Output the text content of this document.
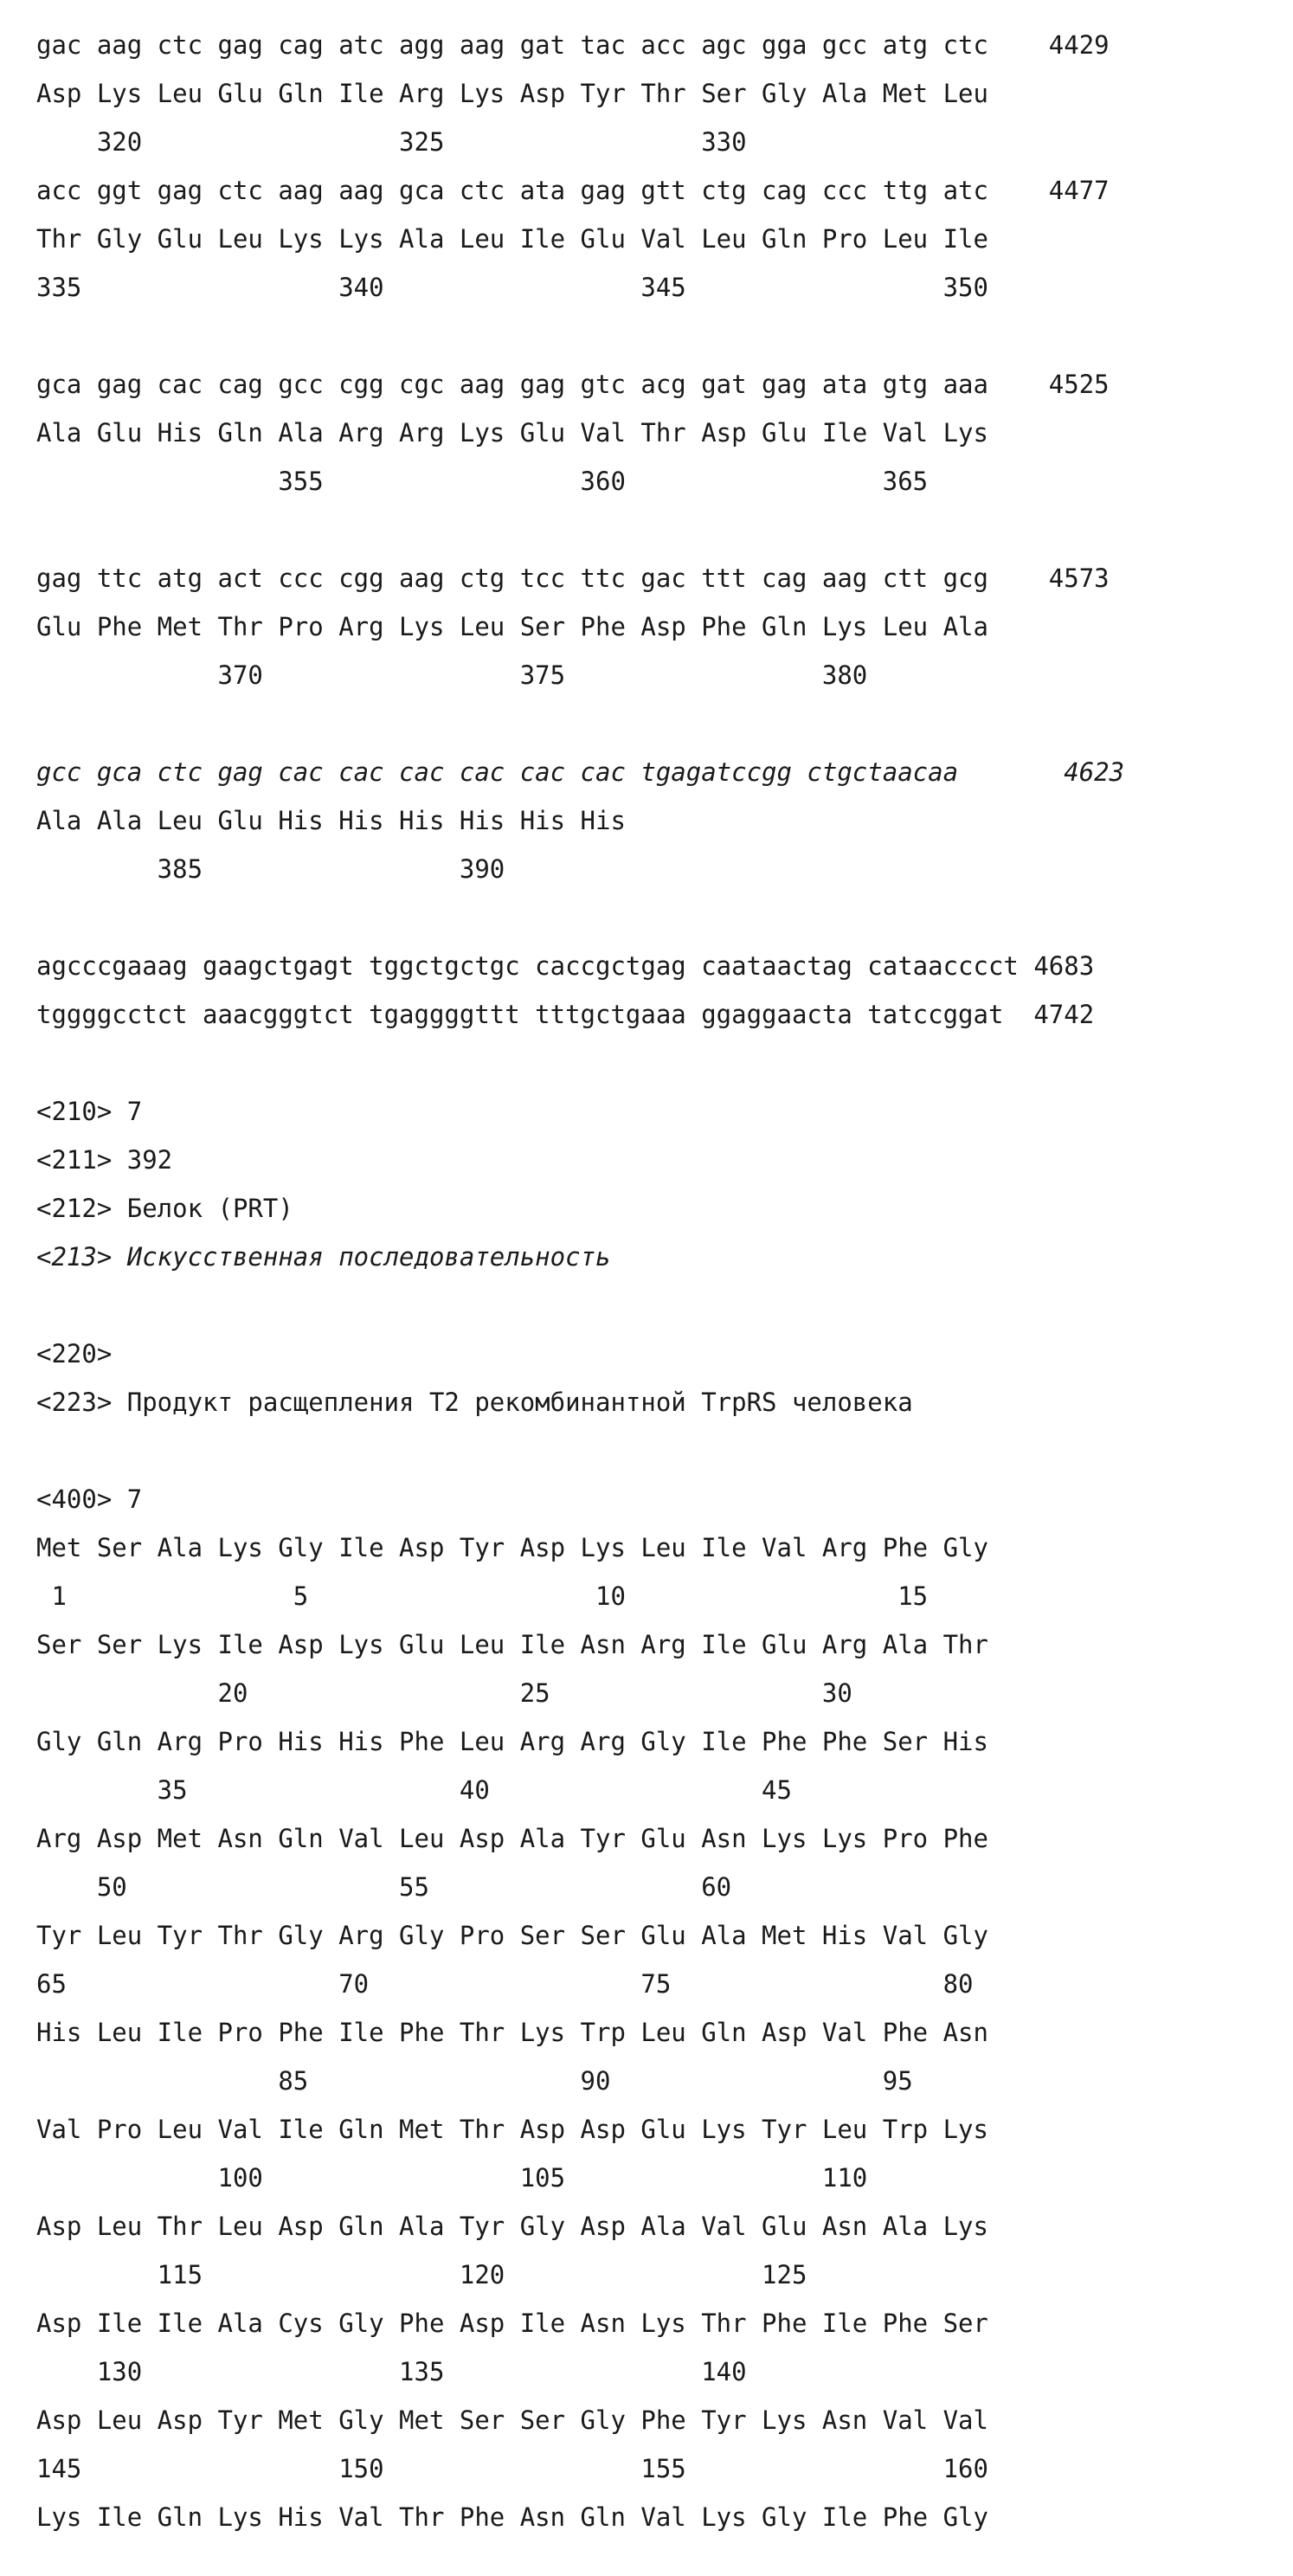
gac aag ctc gag cag atc agg aag gat tac acc agc gga gcc atg ctc    4429
Asp Lys Leu Glu Gln Ile Arg Lys Asp Tyr Thr Ser Gly Ala Met Leu
320                 325                 330
acc ggt gag ctc aag aag gca ctc ata gag gtt ctg cag ccc ttg atc    4477
Thr Gly Glu Leu Lys Lys Ala Leu Ile Glu Val Leu Gln Pro Leu Ile
335                 340                 345                 350
gca gag cac cag gcc cgg cgc aag gag gtc acg gat gag ata gtg aaa    4525
Ala Glu His Gln Ala Arg Arg Lys Glu Val Thr Asp Glu Ile Val Lys
355                 360                 365
gag ttc atg act ccc cgg aag ctg tcc ttc gac ttt cag aag ctt gcg    4573
Glu Phe Met Thr Pro Arg Lys Leu Ser Phe Asp Phe Gln Lys Leu Ala
370                 375                 380
gcc gca ctc gag cac cac cac cac cac cac tgagatccgg ctgctaacaa       4623
Ala Ala Leu Glu His His His His His His
385                 390
agcccgaaag gaagctgagt tggctgctgc caccgctgag caataactag cataacccct 4683
tggggcctct aaacgggtct tgaggggttt tttgctgaaa ggaggaacta tatccggat  4742
<210> 7
<211> 392
<212> Белок (PRT)
<213> Искусственная последовательность
<220>
<223> Продукт расщепления T2 рекомбинантной TrpRS человека
<400> 7
Met Ser Ala Lys Gly Ile Asp Tyr Asp Lys Leu Ile Val Arg Phe Gly
1               5                   10                  15
Ser Ser Lys Ile Asp Lys Glu Leu Ile Asn Arg Ile Glu Arg Ala Thr
20                  25                  30
Gly Gln Arg Pro His His Phe Leu Arg Arg Gly Ile Phe Phe Ser His
35                  40                  45
Arg Asp Met Asn Gln Val Leu Asp Ala Tyr Glu Asn Lys Lys Pro Phe
50                  55                  60
Tyr Leu Tyr Thr Gly Arg Gly Pro Ser Ser Glu Ala Met His Val Gly
65                  70                  75                  80
His Leu Ile Pro Phe Ile Phe Thr Lys Trp Leu Gln Asp Val Phe Asn
85                  90                  95
Val Pro Leu Val Ile Gln Met Thr Asp Asp Glu Lys Tyr Leu Trp Lys
100                 105                 110
Asp Leu Thr Leu Asp Gln Ala Tyr Gly Asp Ala Val Glu Asn Ala Lys
115                 120                 125
Asp Ile Ile Ala Cys Gly Phe Asp Ile Asn Lys Thr Phe Ile Phe Ser
130                 135                 140
Asp Leu Asp Tyr Met Gly Met Ser Ser Gly Phe Tyr Lys Asn Val Val
145                 150                 155                 160
Lys Ile Gln Lys His Val Thr Phe Asn Gln Val Lys Gly Ile Phe Gly
